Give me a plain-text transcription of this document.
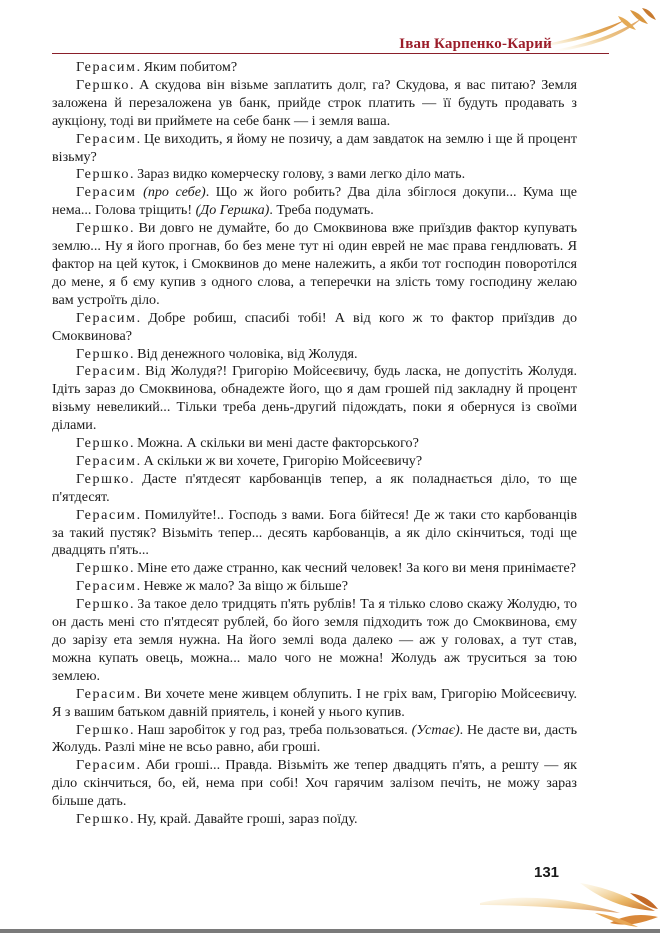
Іван Карпенко-Карий

Герасим. Яким побитом?

Гершко. А скудова він візьме заплатить долг, га? Скудова, я вас питаю? Земля заложена й перезаложена ув банк, прийде строк платить — її будуть продавать з аукціону, тоді ви приймете на себе банк — і земля ваша.

Герасим. Це виходить, я йому не позичу, а дам завдаток на землю і ще й процент візьму?

Гершко. Зараз видко комерческу голову, з вами легко діло мать.

Герасим (про себе). Що ж його робить? Два діла збіглося докупи... Кума ще нема... Голова тріщить! (До Гершка). Треба подумать.

Гершко. Ви довго не думайте, бо до Смоквинова вже приїздив фактор купувать землю... Ну я його прогнав, бо без мене тут ні один еврей не має права гендлювать. Я фактор на цей куток, і Смоквинов до мене належить, а якби тот господин поворотілся до мене, я б єму купив з одного слова, а теперечки на злість тому господину желаю вам устроїть діло.

Герасим. Добре робиш, спасибі тобі! А від кого ж то фактор приїздив до Смоквинова?

Гершко. Від денежного чоловіка, від Жолудя.

Герасим. Від Жолудя?! Григорію Мойсеєвичу, будь ласка, не допустіть Жолудя. Ідіть зараз до Смоквинова, обнадежте його, що я дам грошей під закладну й процент візьму невеликий... Тільки треба день-другий підождать, поки я обернуся із своїми ділами.

Гершко. Можна. А скільки ви мені дасте факторського?

Герасим. А скільки ж ви хочете, Григорію Мойсеєвичу?

Гершко. Дасте п'ятдесят карбованців тепер, а як поладнається діло, то ще п'ятдесят.

Герасим. Помилуйте!.. Господь з вами. Бога бійтеся! Де ж таки сто карбованців за такий пустяк? Візьміть тепер... десять карбованців, а як діло скінчиться, тоді ще двадцять п'ять...

Гершко. Міне ето даже странно, как чесний человек! За кого ви меня принімаєте?

Герасим. Невже ж мало? За віщо ж більше?

Гершко. За такое дело тридцять п'ять рублів! Та я тілько слово скажу Жолудю, то он дасть мені сто п'ятдесят рублей, бо його земля підходить тож до Смоквинова, єму до зарізу ета земля нужна. На його землі вода далеко — аж у головах, а тут став, можна купать овець, можна... мало чого не можна! Жолудь аж труситься за тою землею.

Герасим. Ви хочете мене живцем облупить. І не гріх вам, Григорію Мойсеєвичу. Я з вашим батьком давній приятель, і коней у нього купив.

Гершко. Наш заробіток у год раз, треба пользоваться. (Устає). Не дасте ви, дасть Жолудь. Разлі міне не всьо равно, аби гроші.

Герасим. Аби гроші... Правда. Візьміть же тепер двадцять п'ять, а решту — як діло скінчиться, бо, ей, нема при собі! Хоч гарячим залізом печіть, не можу зараз більше дать.

Гершко. Ну, край. Давайте гроші, зараз поїду.

131
